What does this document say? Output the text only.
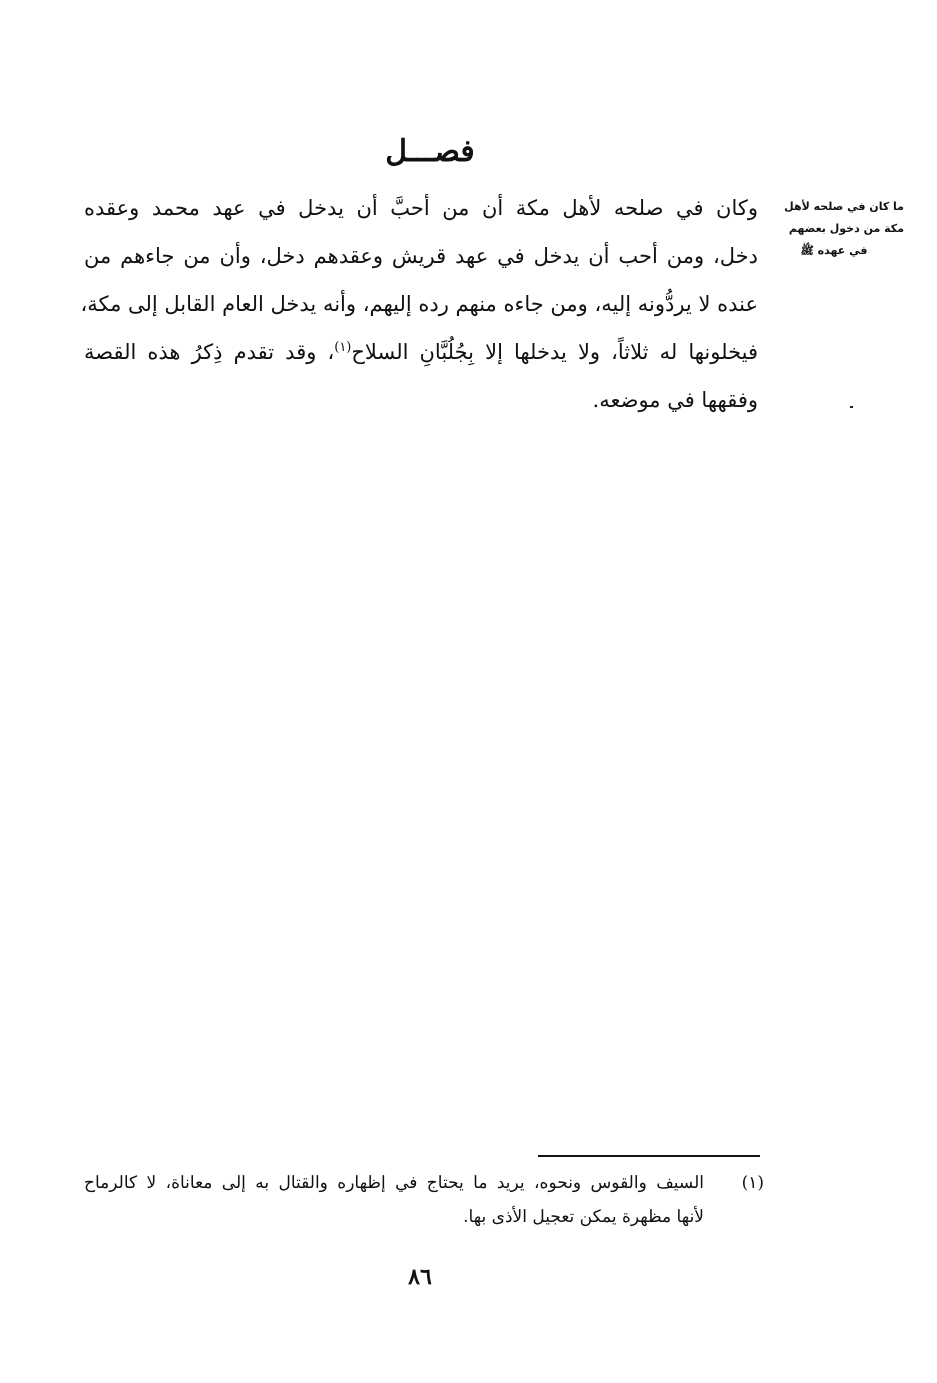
فصـــل
ما كان في صلحه لأهل
مكة من دخول بعضهم
في عهده ﷺ
وكان في صلحه لأهل مكة أن من أحبَّ أن يدخل في عهد محمد وعقده
دخل، ومن أحب أن يدخل في عهد قريش وعقدهم دخل، وأن من جاءهم من
عنده لا يردُّونه إليه، ومن جاءه منهم رده إليهم، وأنه يدخل العام القابل إلى مكة،
فيخلونها له ثلاثاً، ولا يدخلها إلا بِجُلُبَّانِ السلاح$^{(١)}$، وقد تقدم ذِكرُ هذه القصة
وفقهها في موضعه.
(١)
السيف والقوس ونحوه، يريد ما يحتاج في إظهاره والقتال به إلى معاناة، لا كالرماح
لأنها مظهرة يمكن تعجيل الأذى بها.
٨٦
